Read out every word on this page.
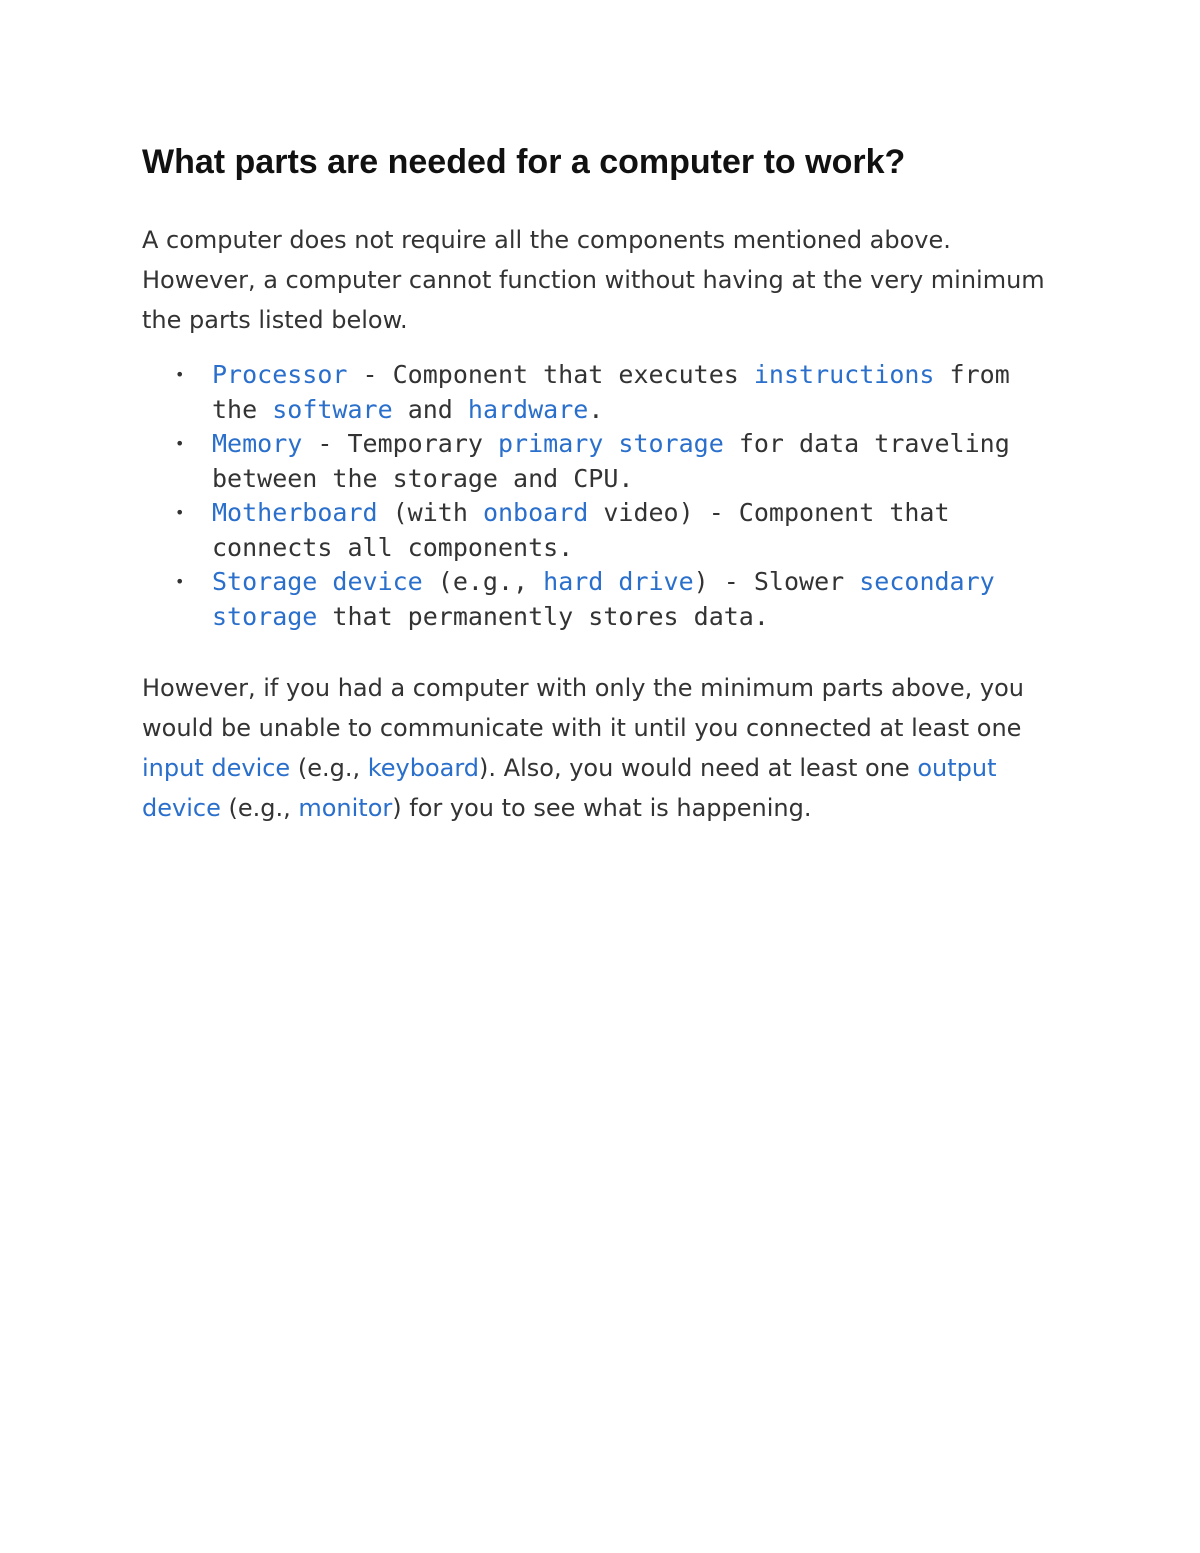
What parts are needed for a computer to work?

A computer does not require all the components mentioned above. However, a computer cannot function without having at the very minimum the parts listed below.

• Processor - Component that executes instructions from the software and hardware.
• Memory - Temporary primary storage for data traveling between the storage and CPU.
• Motherboard (with onboard video) - Component that connects all components.
• Storage device (e.g., hard drive) - Slower secondary storage that permanently stores data.

However, if you had a computer with only the minimum parts above, you would be unable to communicate with it until you connected at least one input device (e.g., keyboard). Also, you would need at least one output device (e.g., monitor) for you to see what is happening.
